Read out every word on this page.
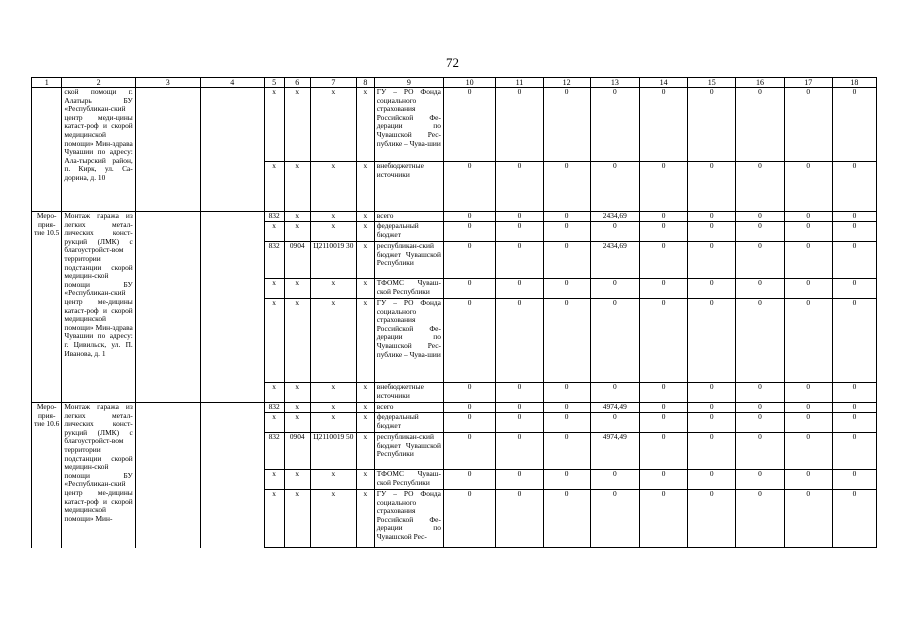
72
1	2	3	4	5	6	7	8	9	10	11	12	13	14	15	16	17	18
	ской помощи г. Алатырь БУ «Республикан-ский центр меди-цины катаст-роф и скорой медицинской помощи» Мин-здрава Чувашии по адресу: Ала-тырский район, п. Кирк, ул. Са-дорина, д. 10			x	x	x	x	ГУ – РО Фонда социального страхования Российской Фе-дерации по Чувашской Рес-публике – Чува-шии	0	0	0	0	0	0	0	0	0
				x	x	x	x	внебюджетные источники	0	0	0	0	0	0	0	0	0
Меро-прия-тие 10.5	Монтаж гаража из легких метал-лических конст-рукций (ЛМК) с благоустройст-вом территории подстанции скорой медицин-ской помощи БУ «Республикан-ский центр ме-дицины катаст-роф и скорой медицинской помощи» Мин-здрава Чувашии по адресу: г. Цивильск, ул. П. Иванова, д. 1			832	x	x	x	всего	0	0	0	2434,69	0	0	0	0	0
				x	x	x	x	федеральный бюджет	0	0	0	0	0	0	0	0	0
				832	0904	Ц2110019 30	x	республикан-ский бюджет Чувашской Республики	0	0	0	2434,69	0	0	0	0	0
				x	x	x	x	ТФОМС Чуваш-ской Республики	0	0	0	0	0	0	0	0	0
				x	x	x	x	ГУ – РО Фонда социального страхования Российской Фе-дерации по Чувашской Рес-публике – Чува-шии	0	0	0	0	0	0	0	0	0
				x	x	x	x	внебюджетные источники	0	0	0	0	0	0	0	0	0
Меро-прия-тие 10.6	Монтаж гаража из легких метал-лических конст-рукций (ЛМК) с благоустройст-вом территории подстанции скорой медицин-ской помощи БУ «Республикан-ский центр ме-дицины катаст-роф и скорой медицинской помощи» Мин-			832	x	x	x	всего	0	0	0	4974,49	0	0	0	0	0
				x	x	x	x	федеральный бюджет	0	0	0	0	0	0	0	0	0
				832	0904	Ц2110019 50	x	республикан-ский бюджет Чувашской Республики	0	0	0	4974,49	0	0	0	0	0
				x	x	x	x	ТФОМС Чуваш-ской Республики	0	0	0	0	0	0	0	0	0
				x	x	x	x	ГУ – РО Фонда социального страхования Российской Фе-дерации по Чувашской Рес-	0	0	0	0	0	0	0	0	0
